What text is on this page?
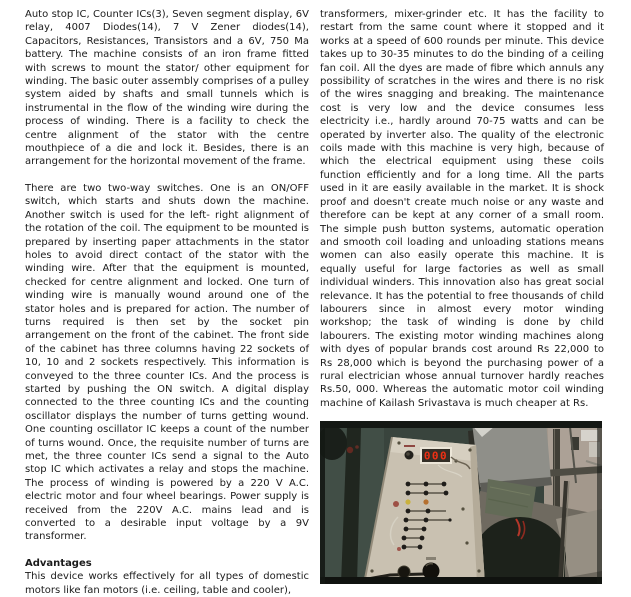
Auto stop IC, Counter ICs(3), Seven segment display, 6V relay, 4007 Diodes(14), 7 V Zener diodes(14), Capacitors, Resistances, Transistors and a 6V, 750 Ma battery. The machine consists of an iron frame fitted with screws to mount the stator/ other equipment for winding. The basic outer assembly comprises of a pulley system aided by shafts and small tunnels which is instrumental in the flow of the winding wire during the process of winding. There is a facility to check the centre alignment of the stator with the centre mouthpiece of a die and lock it. Besides, there is an arrangement for the horizontal movement of the frame.

There are two two-way switches. One is an ON/OFF switch, which starts and shuts down the machine. Another switch is used for the left- right alignment of the rotation of the coil. The equipment to be mounted is prepared by inserting paper attachments in the stator holes to avoid direct contact of the stator with the winding wire. After that the equipment is mounted, checked for centre alignment and locked. One turn of winding wire is manually wound around one of the stator holes and is prepared for action. The number of turns required is then set by the socket pin arrangement on the front of the cabinet. The front side of the cabinet has three columns having 22 sockets of 10, 10 and 2 sockets respectively. This information is conveyed to the three counter ICs. And the process is started by pushing the ON switch. A digital display connected to the three counting ICs and the counting oscillator displays the number of turns getting wound. One counting oscillator IC keeps a count of the number of turns wound. Once, the requisite number of turns are met, the three counter ICs send a signal to the Auto stop IC which activates a relay and stops the machine. The process of winding is powered by a 220 V A.C. electric motor and four wheel bearings. Power supply is received from the 220V A.C. mains lead and is converted to a desirable input voltage by a 9V transformer.

Advantages

This device works effectively for all types of domestic motors like fan motors (i.e. ceiling, table and cooler),

transformers, mixer-grinder etc. It has the facility to restart from the same count where it stopped and it works at a speed of 600 rounds per minute. This device takes up to 30-35 minutes to do the binding of a ceiling fan coil. All the dyes are made of fibre which annuls any possibility of scratches in the wires and there is no risk of the wires snagging and breaking. The maintenance cost is very low and the device consumes less electricity i.e., hardly around 70-75 watts and can be operated by inverter also. The quality of the electronic coils made with this machine is very high, because of which the electrical equipment using these coils function efficiently and for a long time. All the parts used in it are easily available in the market. It is shock proof and doesn't create much noise or any waste and therefore can be kept at any corner of a small room. The simple push button systems, automatic operation and smooth coil loading and unloading stations means women can also easily operate this machine. It is equally useful for large factories as well as small individual winders. This innovation also has great social relevance. It has the potential to free thousands of child labourers since in almost every motor winding workshop; the task of winding is done by child labourers. The existing motor winding machines along with dyes of popular brands cost around Rs 22,000 to Rs 28,000 which is beyond the purchasing power of a rural electrician whose annual turnover hardly reaches Rs.50, 000. Whereas the automatic motor coil winding machine of Kailash Srivastava is much cheaper at Rs.

000
